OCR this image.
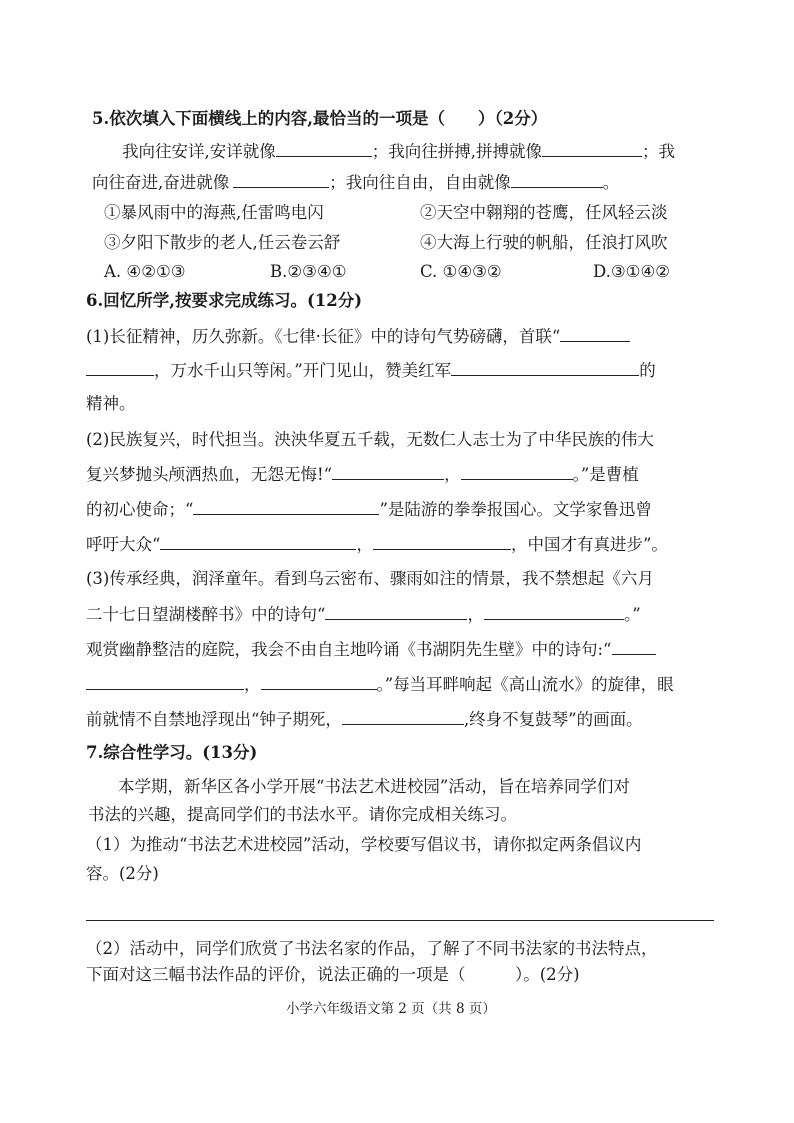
5.依次填入下面横线上的内容,最恰当的一项是（　　）（2分）
我向往安详,安详就像	；我向往拼搏,拼搏就像	；我
向往奋进,奋进就像	；我向往自由，自由就像	。
①暴风雨中的海燕,任雷鸣电闪	②天空中翱翔的苍鹰，任风轻云淡
③夕阳下散步的老人,任云卷云舒	④大海上行驶的帆船，任浪打风吹
A. ④②①③	B.②③④①	C. ①④③②	D.③①④②
6.回忆所学,按要求完成练习。(12分)
(1)长征精神，历久弥新。《七律·长征》中的诗句气势磅礴，首联“
，万水千山只等闲。”开门见山，赞美红军	的
精神。
(2)民族复兴，时代担当。泱泱华夏五千载，无数仁人志士为了中华民族的伟大
复兴梦抛头颅洒热血，无怨无悔!“	，	。”是曹植
的初心使命；“	”是陆游的拳拳报国心。文学家鲁迅曾
呼吁大众“	，	，中国才有真进步”。
(3)传承经典，润泽童年。看到乌云密布、骤雨如注的情景，我不禁想起《六月
二十七日望湖楼醉书》中的诗句“	，	。”
观赏幽静整洁的庭院，我会不由自主地吟诵《书湖阴先生壁》中的诗句:“
，	。”每当耳畔响起《高山流水》的旋律，眼
前就情不自禁地浮现出“钟子期死，	,终身不复鼓琴”的画面。
7.综合性学习。(13分)
本学期，新华区各小学开展“书法艺术进校园”活动，旨在培养同学们对
书法的兴趣，提高同学们的书法水平。请你完成相关练习。
（1）为推动“书法艺术进校园”活动，学校要写倡议书，请你拟定两条倡议内
容。(2分)
（2）活动中，同学们欣赏了书法名家的作品，了解了不同书法家的书法特点，
下面对这三幅书法作品的评价，说法正确的一项是（　　　）。(2分)
小学六年级语文第 2 页（共 8 页）
